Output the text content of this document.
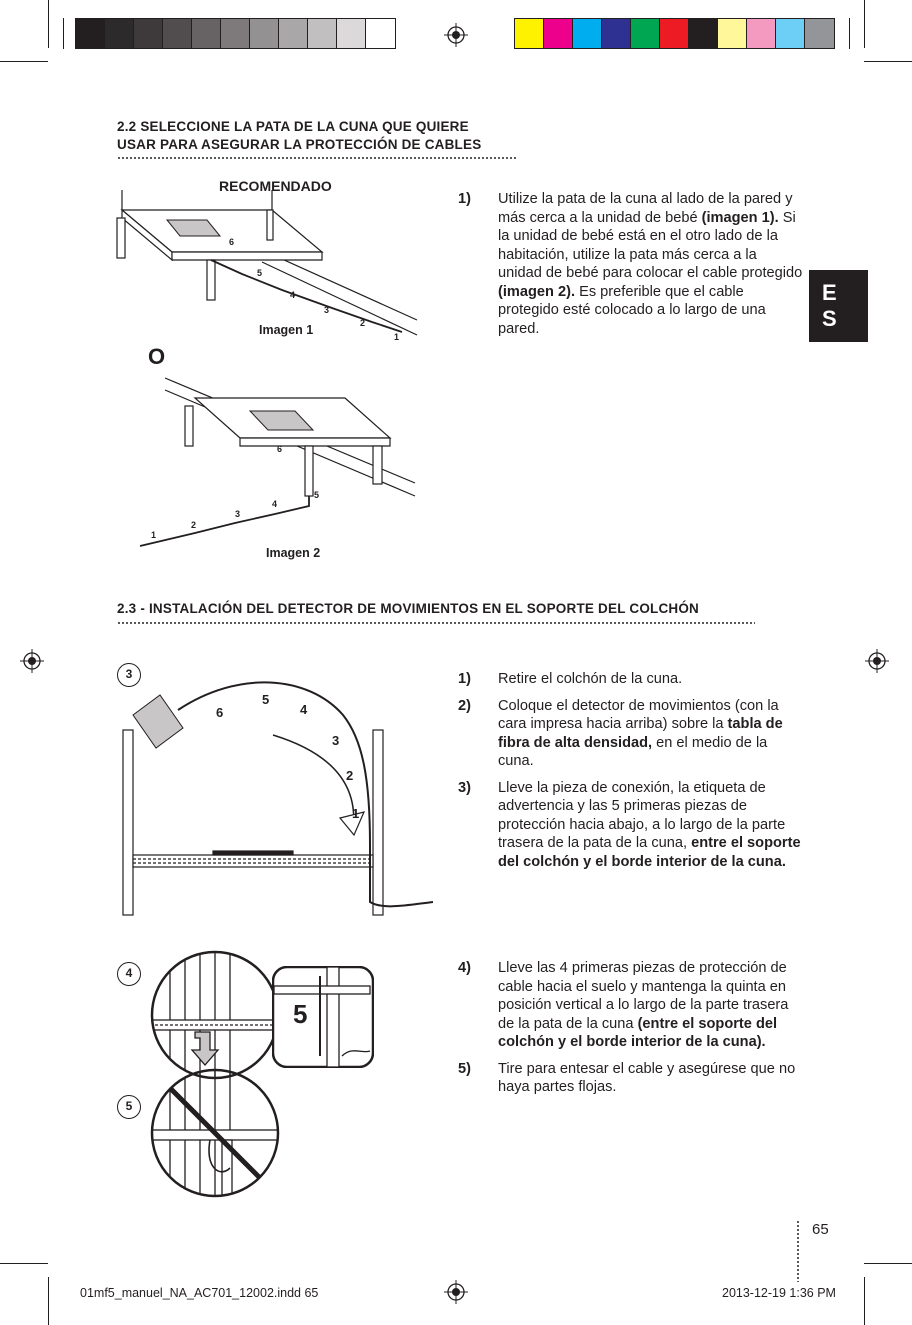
2.2 SELECCIONE LA PATA DE LA CUNA QUE QUIERE
USAR PARA ASEGURAR LA PROTECCIÓN DE CABLES
RECOMENDADO
6
5
4
3
2
1
Imagen 1
O
6
5
4
3
2
1
Imagen 2
1)	Utilize la pata de la cuna al lado de la pared y más cerca a la unidad de bebé (imagen 1). Si la unidad de bebé está en el otro lado de la habitación, utilize la pata más cerca a la unidad de bebé para colocar el cable protegido (imagen 2). Es preferible que el cable protegido esté colocado a lo largo de una pared.
E
S
2.3 - INSTALACIÓN DEL DETECTOR DE MOVIMIENTOS EN EL SOPORTE DEL COLCHÓN
3
6
5
4
3
2
1
1)	Retire el colchón de la cuna.
2)	Coloque el detector de movimientos (con la cara impresa hacia arriba) sobre la tabla de fibra de alta densidad, en el medio de la cuna.
3)	Lleve la pieza de conexión, la etiqueta de advertencia y las 5 primeras piezas de protección hacia abajo, a lo largo de la parte trasera de la pata de la cuna, entre el soporte del colchón y el borde interior de la cuna.
4
5
5
4)	Lleve las 4 primeras piezas de protección de cable hacia el suelo y mantenga la quinta en posición vertical a lo largo de la parte trasera de la pata de la cuna (entre el soporte del colchón y el borde interior de la cuna).
5)	Tire para entesar el cable y asegúrese que no haya partes flojas.
65
01mf5_manuel_NA_AC701_12002.indd 65	2013-12-19 1:36 PM
